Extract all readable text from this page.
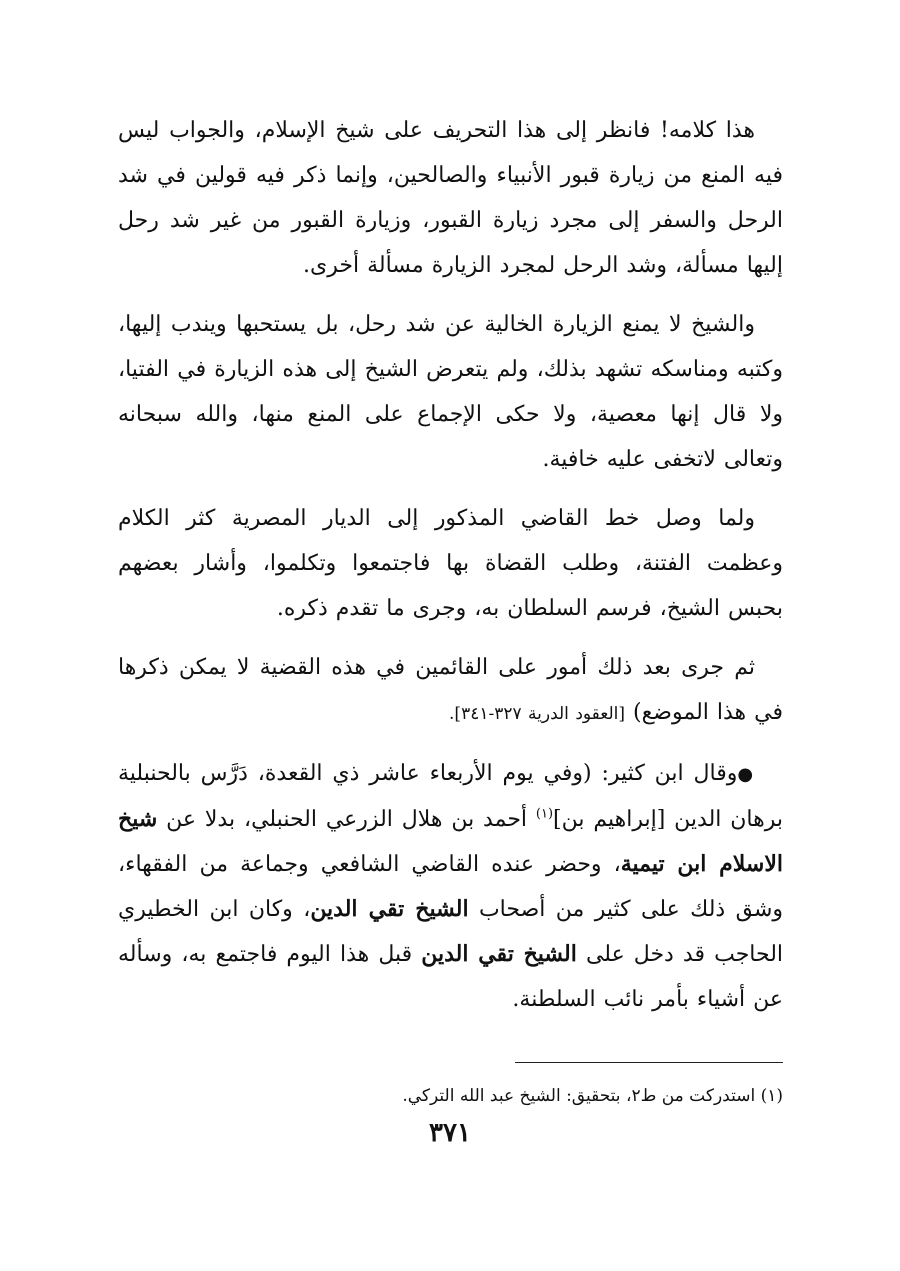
هذا كلامه! فانظر إلى هذا التحريف على شيخ الإسلام، والجواب ليس فيه المنع من زيارة قبور الأنبياء والصالحين، وإنما ذكر فيه قولين في شد الرحل والسفر إلى مجرد زيارة القبور، وزيارة القبور من غير شد رحل إليها مسألة، وشد الرحل لمجرد الزيارة مسألة أخرى.

والشيخ لا يمنع الزيارة الخالية عن شد رحل، بل يستحبها ويندب إليها، وكتبه ومناسكه تشهد بذلك، ولم يتعرض الشيخ إلى هذه الزيارة في الفتيا، ولا قال إنها معصية، ولا حكى الإجماع على المنع منها، والله سبحانه وتعالى لاتخفى عليه خافية.

ولما وصل خط القاضي المذكور إلى الديار المصرية كثر الكلام وعظمت الفتنة، وطلب القضاة بها فاجتمعوا وتكلموا، وأشار بعضهم بحبس الشيخ، فرسم السلطان به، وجرى ما تقدم ذكره.

ثم جرى بعد ذلك أمور على القائمين في هذه القضية لا يمكن ذكرها في هذا الموضع) [العقود الدرية ٣٢٧-٣٤١].

●وقال ابن كثير: (وفي يوم الأربعاء عاشر ذي القعدة، دَرَّس بالحنبلية برهان الدين [إبراهيم بن]$^{(١)}$ أحمد بن هلال الزرعي الحنبلي، بدلا عن شيخ الاسلام ابن تيمية، وحضر عنده القاضي الشافعي وجماعة من الفقهاء، وشق ذلك على كثير من أصحاب الشيخ تقي الدين، وكان ابن الخطيري الحاجب قد دخل على الشيخ تقي الدين قبل هذا اليوم فاجتمع به، وسأله عن أشياء بأمر نائب السلطنة.

(١) استدركت من ط٢، بتحقيق: الشيخ عبد الله التركي.
٣٧١
